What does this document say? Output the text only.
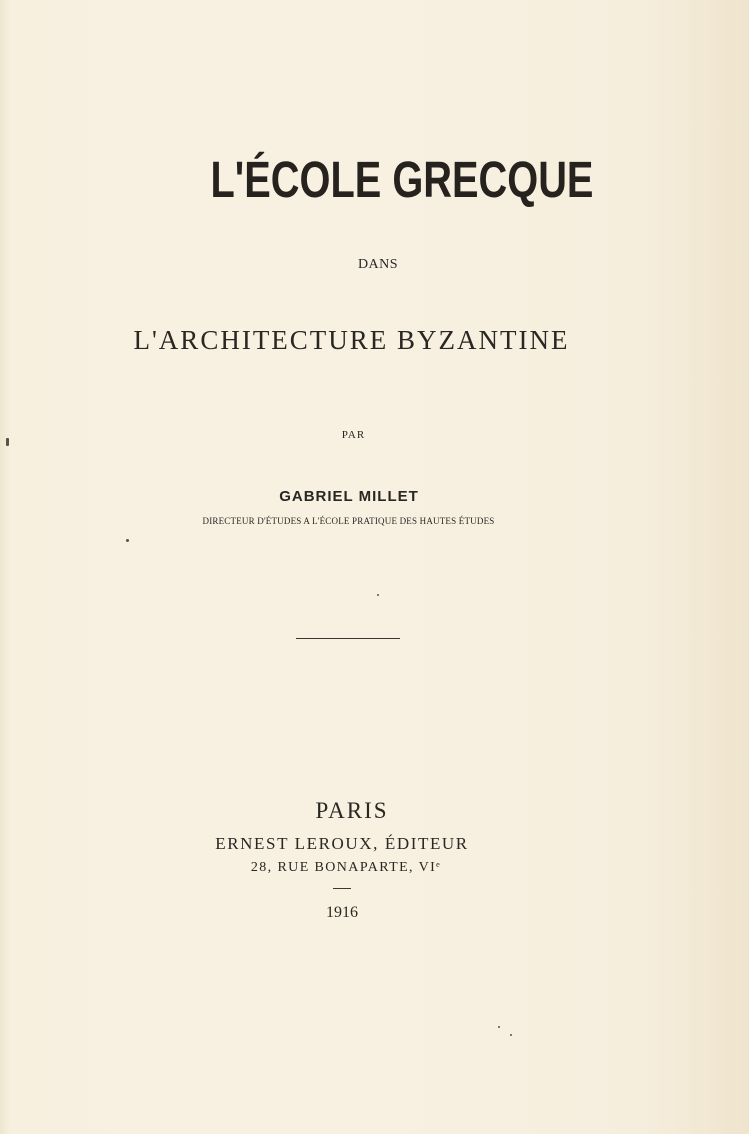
L'ÉCOLE GRECQUE
DANS
L'ARCHITECTURE BYZANTINE
PAR
GABRIEL MILLET
DIRECTEUR D'ÉTUDES A L'ÉCOLE PRATIQUE DES HAUTES ÉTUDES
PARIS
ERNEST LEROUX, ÉDITEUR
28, RUE BONAPARTE, VIᵉ
1916
